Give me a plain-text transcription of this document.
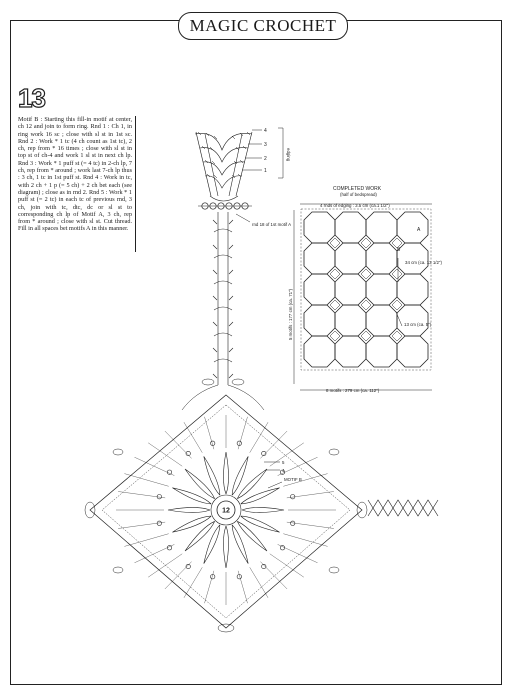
MAGIC CROCHET
13
Motif B : Starting this fill-in motif at center, ch 12 and join to form ring. Rnd 1 : Ch 1, in ring work 16 sc ; close with sl st in 1st sc. Rnd 2 : Work * 1 tc (4 ch count as 1st tc), 2 ch, rep from * 16 times ; close with sl st in top st of ch-4 and work 1 sl st in next ch lp. Rnd 3 : Work * 1 puff st (= 4 tc) in 2-ch lp, 7 ch, rep from * around ; work last 7-ch lp thus : 3 ch, 1 tc in 1st puff st. Rnd 4 : Work in tc, with 2 ch + 1 p (= 5 ch) + 2 ch bet each (see diagram) ; close as in rnd 2. Rnd 5 : Work * 1 puff st (= 2 tc) in each tc of previous rnd, 3 ch, join with tc, dtc, dc or sl st to corresponding ch lp of Motif A, 3 ch, rep from * around ; close with sl st. Cut thread. Fill in all spaces bet motifs A in this manner.
4
3
2
1
edging
rnd 18 of 1st motif A
12
5
4
MOTIF B
COMPLETED WORK
(half of bedspread)
4 rnds of edging : 3.5 cm (ca.1 1/2")
B
A
5 motifs : 177 cm (ca. 71")
8 motifs : 279 cm (ca. 112")
34 cm (ca. 13 1/2")
13 cm (ca. 5")
